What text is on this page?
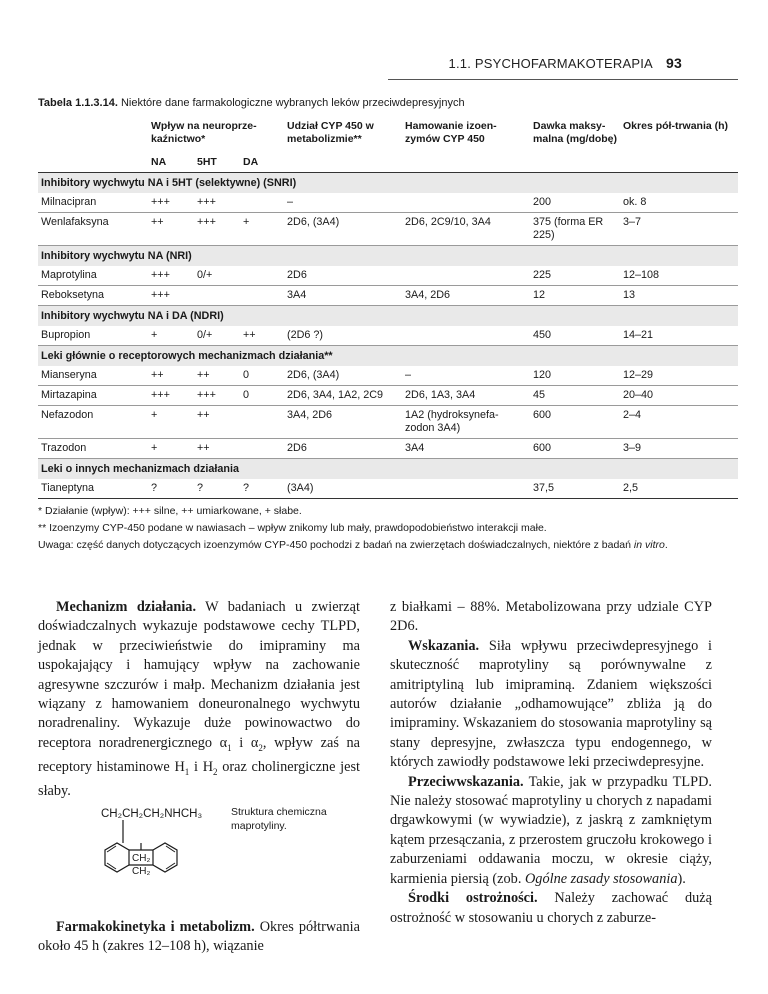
1.1. PSYCHOFARMAKOTERAPIA 93
Tabela 1.1.3.14. Niektóre dane farmakologiczne wybranych leków przeciwdepresyjnych
	Wpływ na neuroprze-kaźnictwo*			Udział CYP 450 w metabolizmie**	Hamowanie izoen-zymów CYP 450	Dawka maksy-malna (mg/dobę)	Okres pół-trwania (h)
	NA	5HT	DA				
Inhibitory wychwytu NA i 5HT (selektywne) (SNRI)							
Milnacipran	+++	+++		–		200	ok. 8
Wenlafaksyna	++	+++	+	2D6, (3A4)	2D6, 2C9/10, 3A4	375 (forma ER 225)	3–7
Inhibitory wychwytu NA (NRI)							
Maprotylina	+++	0/+		2D6		225	12–108
Reboksetyna	+++			3A4	3A4, 2D6	12	13
Inhibitory wychwytu NA i DA (NDRI)							
Bupropion	+	0/+	++	(2D6 ?)		450	14–21
Leki głównie o receptorowych mechanizmach działania**							
Mianseryna	++	++	0	2D6, (3A4)	–	120	12–29
Mirtazapina	+++	+++	0	2D6, 3A4, 1A2, 2C9	2D6, 1A3, 3A4	45	20–40
Nefazodon	+	++		3A4, 2D6	1A2 (hydroksynefa-zodon 3A4)	600	2–4
Trazodon	+	++		2D6	3A4	600	3–9
Leki o innych mechanizmach działania							
Tianeptyna	?	?	?	(3A4)		37,5	2,5
* Działanie (wpływ): +++ silne, ++ umiarkowane, + słabe.
** Izoenzymy CYP-450 podane w nawiasach – wpływ znikomy lub mały, prawdopodobieństwo interakcji małe.
Uwaga: część danych dotyczących izoenzymów CYP-450 pochodzi z badań na zwierzętach doświadczalnych, niektóre z badań in vitro.

Mechanizm działania. W badaniach u zwierząt doświadczalnych wykazuje podstawowe cechy TLPD, jednak w przeciwieństwie do imipraminy ma uspokajający i hamujący wpływ na zachowanie agresywne szczurów i małp. Mechanizm działania jest wiązany z hamowaniem doneuronalnego wychwytu noradrenaliny. Wykazuje duże powinowactwo do receptora noradrenergicznego $\alpha_1$ i $\alpha_2$, wpływ zaś na receptory histaminowe $H_1$ i $H_2$ oraz cholinergiczne jest słaby.

CH₂CH₂CH₂NHCH₃
CH₂
CH₂
Struktura chemiczna maprotyliny.

Farmakokinetyka i metabolizm. Okres półtrwania około 45 h (zakres 12–108 h), wiązanie

z białkami – 88%. Metabolizowana przy udziale CYP 2D6.

Wskazania. Siła wpływu przeciwdepresyjnego i skuteczność maprotyliny są porównywalne z amitriptyliną lub imipraminą. Zdaniem większości autorów działanie „odhamowujące” zbliża ją do imipraminy. Wskazaniem do stosowania maprotyliny są stany depresyjne, zwłaszcza typu endogennego, w których zawiodły podstawowe leki przeciwdepresyjne.

Przeciwwskazania. Takie, jak w przypadku TLPD. Nie należy stosować maprotyliny u chorych z napadami drgawkowymi (w wywiadzie), z jaskrą z zamkniętym kątem przesączania, z przerostem gruczołu krokowego i zaburzeniami oddawania moczu, w okresie ciąży, karmienia piersią (zob. Ogólne zasady stosowania).

Środki ostrożności. Należy zachować dużą ostrożność w stosowaniu u chorych z zaburze-
